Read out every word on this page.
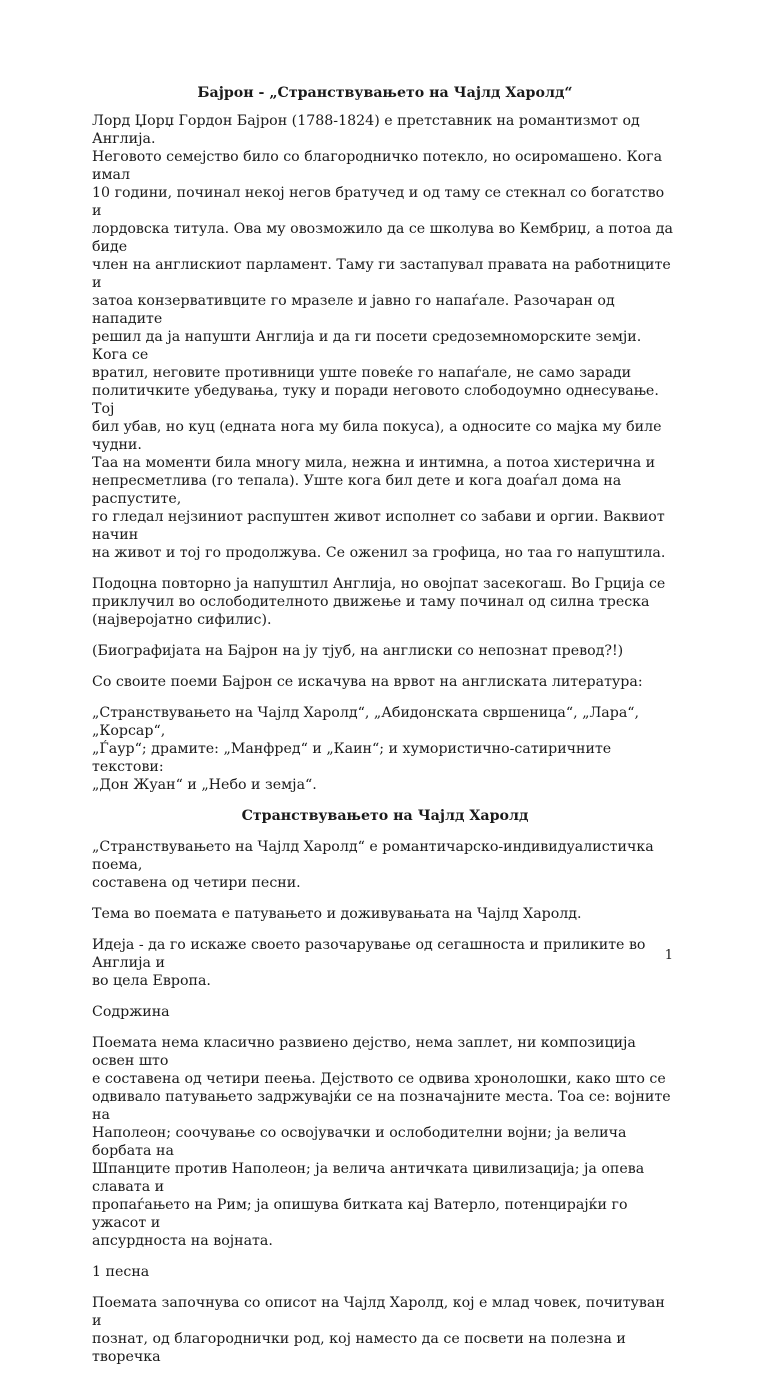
Бајрон - „Странствувањето на Чајлд Харолд“

Лорд Џорџ Гордон Бајрон (1788-1824) е претставник на романтизмот од Англија.
Неговото семејство било со благородничко потекло, но осиромашено. Кога имал
10 години, починал некој негов братучед и од таму се стекнал со богатство и
лордовска титула. Ова му овозможило да се школува во Кембриџ, а потоа да биде
член на англискиот парламент. Таму ги застапувал правата на работниците и
затоа конзервативците го мразеле и јавно го напаѓале. Разочаран од нападите
решил да ја напушти Англија и да ги посети средоземноморските земји. Кога се
вратил, неговите противници уште повеќе го напаѓале, не само заради
политичките убедувања, туку и поради неговото слободоумно однесување. Тој
бил убав, но куц (едната нога му била покуса), а односите со мајка му биле чудни.
Таа на моменти била многу мила, нежна и интимна, а потоа хистерична и
непресметлива (го тепала). Уште кога бил дете и кога доаѓал дома на распустите,
го гледал нејзиниот распуштен живот исполнет со забави и оргии. Ваквиот начин
на живот и тој го продолжува. Се оженил за грофица, но таа го напуштила.

Подоцна повторно ја напуштил Англија, но овојпат засекогаш. Во Грција се
приклучил во ослободителното движење и таму починал од силна треска
(најверојатно сифилис).

(Биографијата на Бајрон на ју тјуб, на англиски со непознат превод?!)

Со своите поеми Бајрон се искачува на врвот на англиската литература:

„Странствувањето на Чајлд Харолд“, „Абидонската свршеница“, „Лара“, „Корсар“,
„Ѓаур“; драмите: „Манфред“ и „Каин“; и хумористично-сатиричните текстови:
„Дон Жуан“ и „Небо и земја“.

Странствувањето на Чајлд Харолд

„Странствувањето на Чајлд Харолд“ е романтичарско-индивидуалистичка поема,
составена од четири песни.

Тема во поемата е патувањето и доживувањата на Чајлд Харолд.

Идеја - да го искаже своето разочарување од сегашноста и приликите во Англија и
во цела Европа.

Содржина

Поемата нема класично развиено дејство, нема заплет, ни композиција освен што
е составена од четири пеења. Дејството се одвива хронолошки, како што се
одвивало патувањето задржувајќи се на позначајните места. Тоа се: војните на
Наполеон; соочување со освојувачки и ослободителни војни; ја велича борбата на
Шпанците против Наполеон; ја велича античката цивилизација; ја опева славата и
пропаѓањето на Рим; ја опишува битката кај Ватерло, потенцирајќи го ужасот и
апсурдноста на војната.

1 песна

Поемата започнува со описот на Чајлд Харолд, кој е млад човек, почитуван и
познат, од благороднички род, кој наместо да се посвети на полезна и творечка

1
